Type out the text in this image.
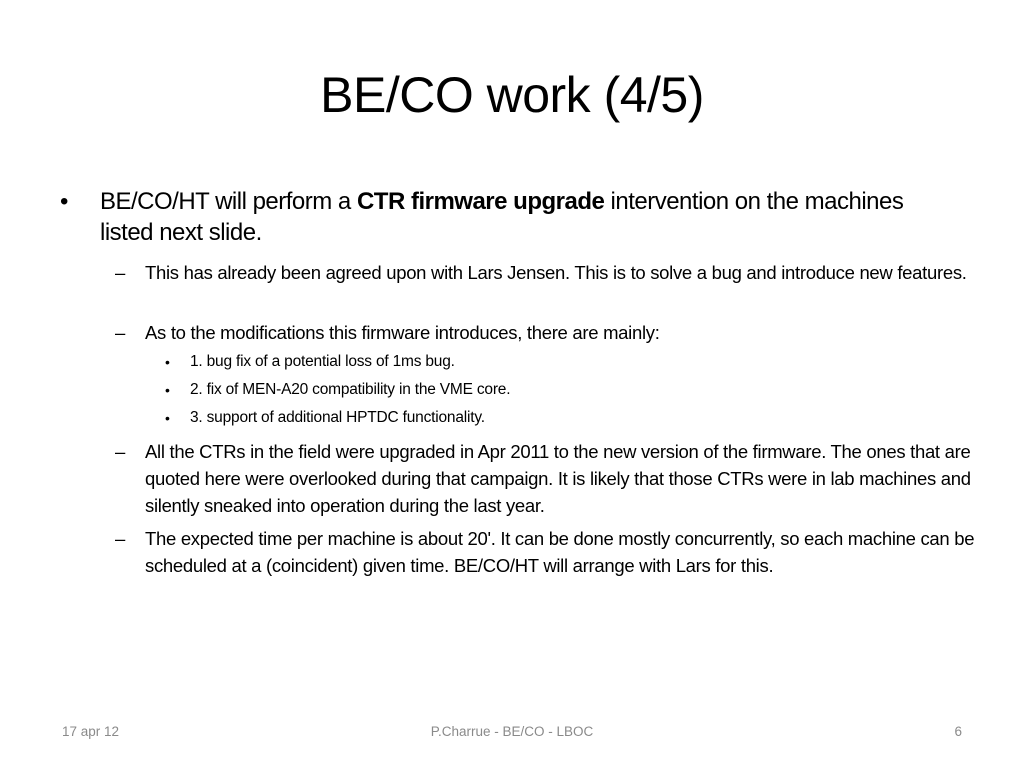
BE/CO work (4/5)
• BE/CO/HT will perform a CTR firmware upgrade intervention on the machines listed next slide.
– This has already been agreed upon with Lars Jensen. This is to solve a bug and introduce new features.
– As to the modifications this firmware introduces, there are mainly:
• 1. bug fix of a potential loss of 1ms bug.
• 2. fix of MEN-A20 compatibility in the VME core.
• 3. support of additional HPTDC functionality.
– All the CTRs in the field were upgraded in Apr 2011 to the new version of the firmware. The ones that are quoted here were overlooked during that campaign. It is likely that those CTRs were in lab machines and silently sneaked into operation during the last year.
– The expected time per machine is about 20'. It can be done mostly concurrently, so each machine can be scheduled at a (coincident) given time. BE/CO/HT will arrange with Lars for this.
17 apr 12	P.Charrue - BE/CO - LBOC	6
